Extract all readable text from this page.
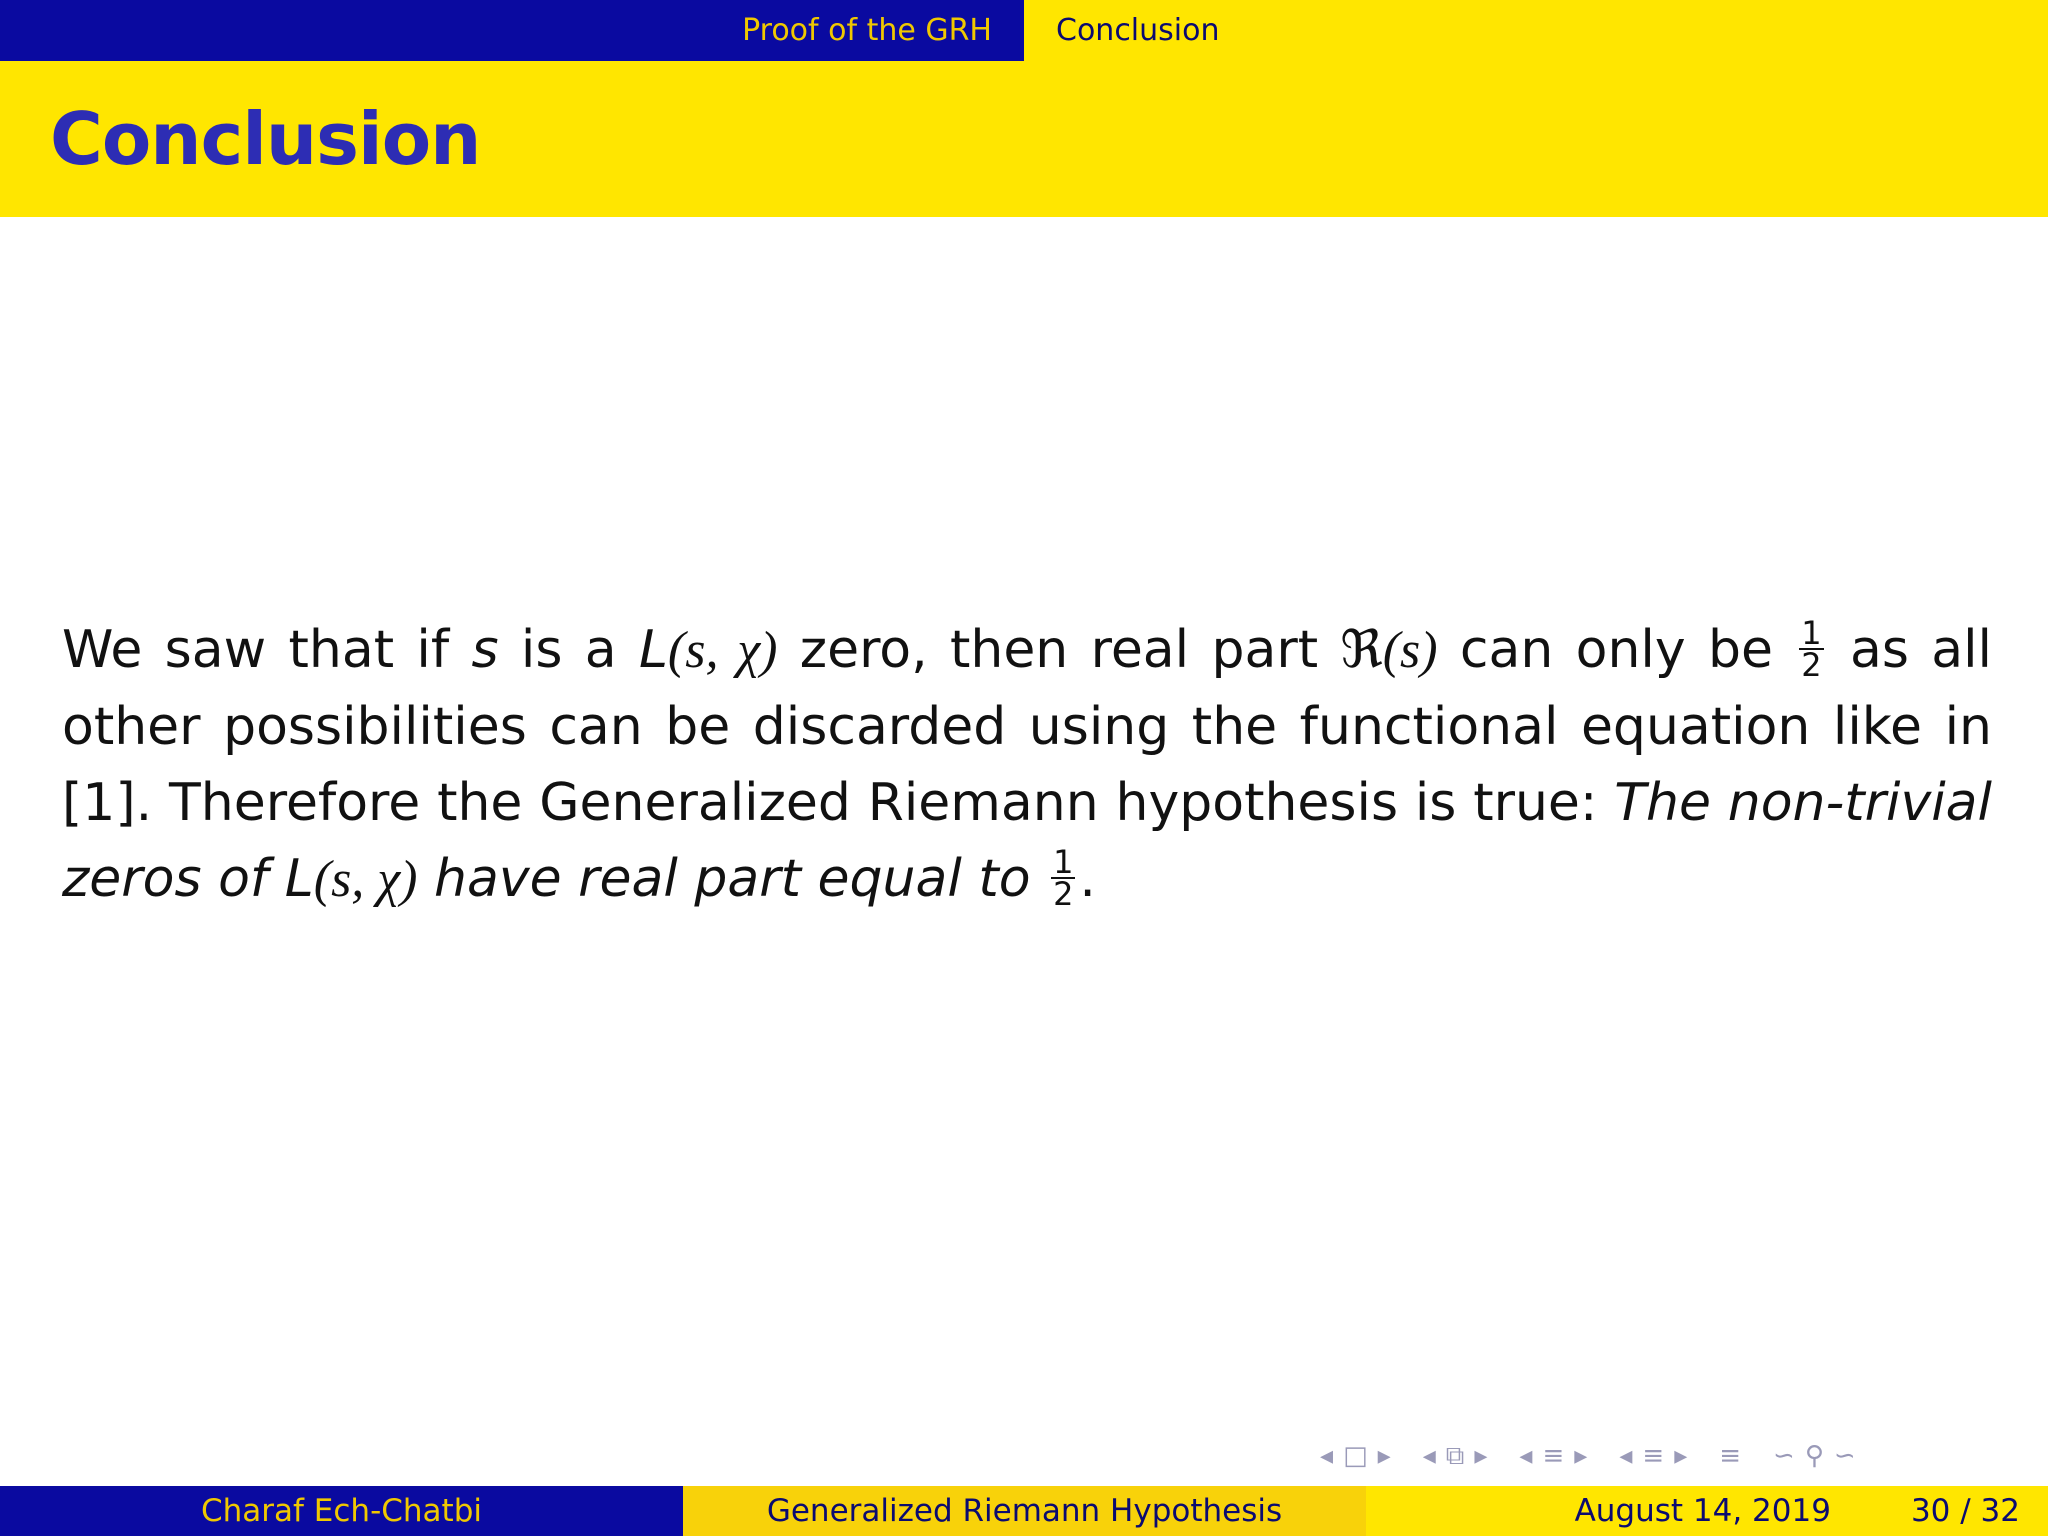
Proof of the GRH	Conclusion
Conclusion

We saw that if s is a L(s, χ) zero, then real part ℜ(s) can only be $\frac{1}{2}$ as all other possibilities can be discarded using the functional equation like in [1]. Therefore the Generalized Riemann hypothesis is true: The non-trivial zeros of L(s, χ) have real part equal to $\frac{1}{2}$ .

◂ □ ▸ ◂ ⧉ ▸ ◂ ≡ ▸ ◂ ≡ ▸ ≡ ∽ ⚲ ∽
Charaf Ech-Chatbi	Generalized Riemann Hypothesis	August 14, 2019	30 / 32
